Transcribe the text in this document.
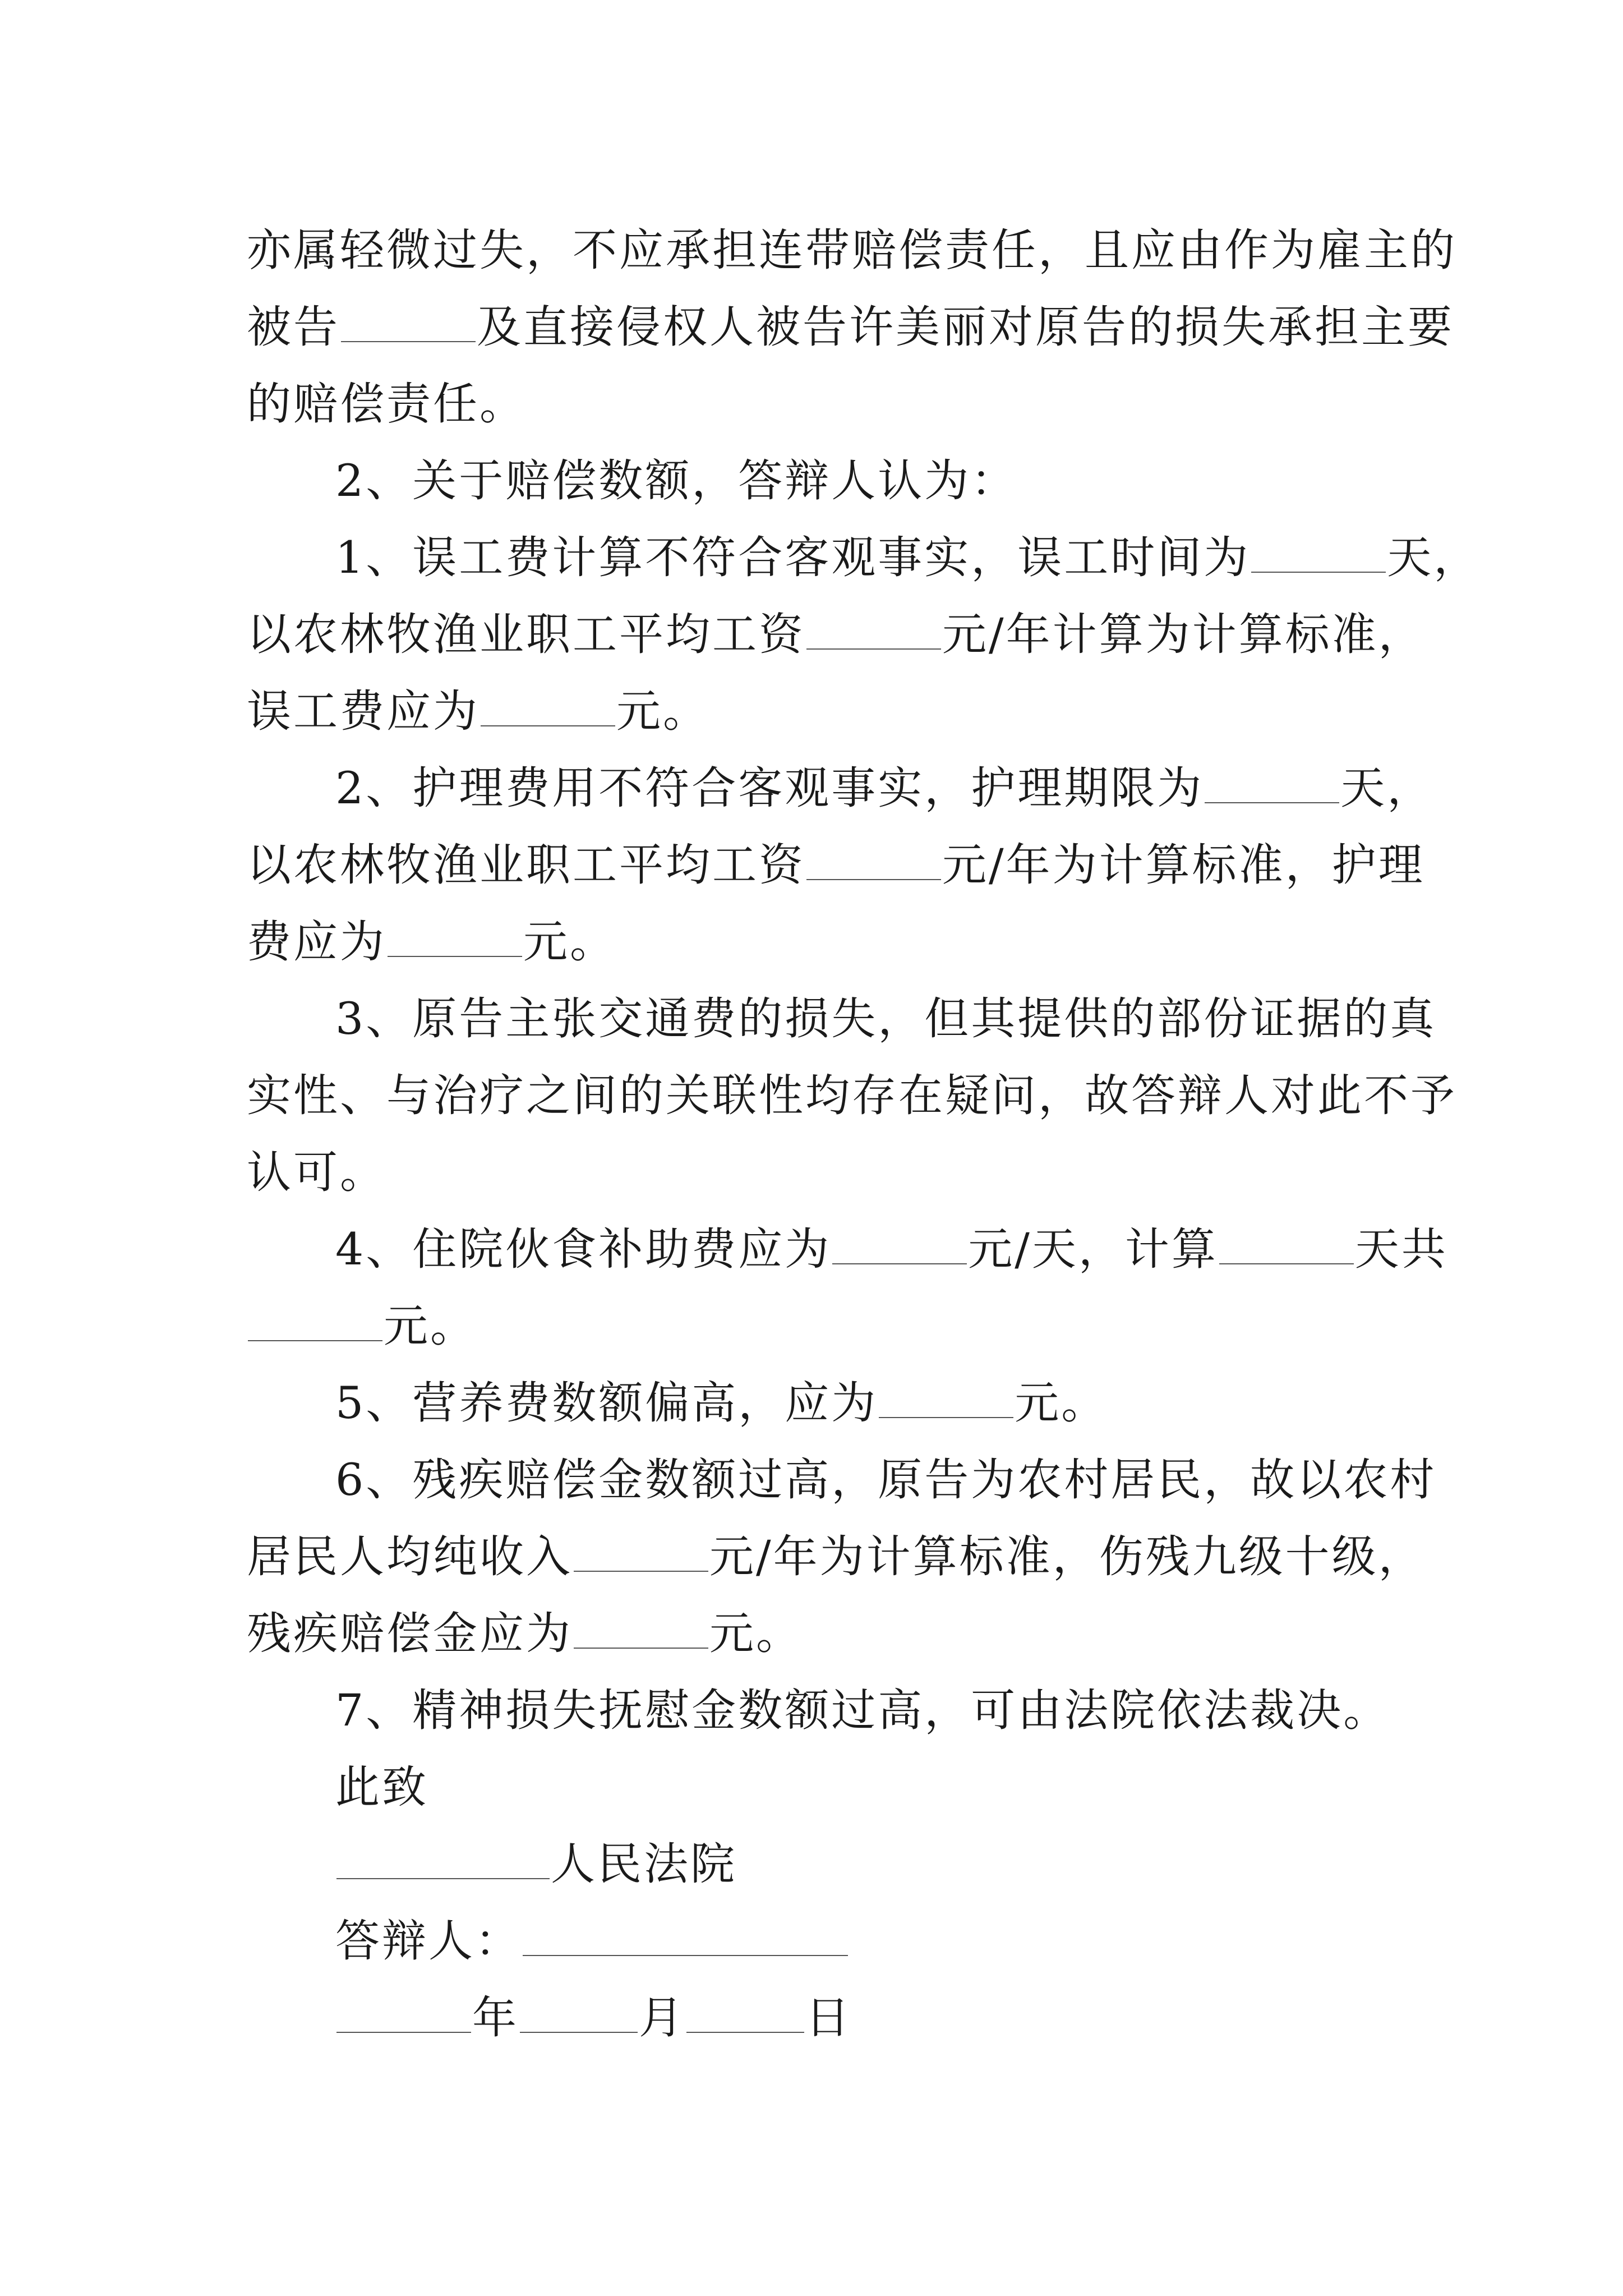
亦属轻微过失，不应承担连带赔偿责任，且应由作为雇主的
被告	及直接侵权人被告许美丽对原告的损失承担主要
的赔偿责任。
2、关于赔偿数额，答辩人认为：
1、误工费计算不符合客观事实，误工时间为	天，
以农林牧渔业职工平均工资	元/年计算为计算标准，
误工费应为	元。
2、护理费用不符合客观事实，护理期限为	天，
以农林牧渔业职工平均工资	元/年为计算标准，护理
费应为	元。
3、原告主张交通费的损失，但其提供的部份证据的真
实性、与治疗之间的关联性均存在疑问，故答辩人对此不予
认可。
4、住院伙食补助费应为	元/天，计算	天共
元。
5、营养费数额偏高，应为	元。
6、残疾赔偿金数额过高，原告为农村居民，故以农村
居民人均纯收入	元/年为计算标准，伤残九级十级，
残疾赔偿金应为	元。
7、精神损失抚慰金数额过高，可由法院依法裁决。
此致
人民法院
答辩人：
年	月	日
